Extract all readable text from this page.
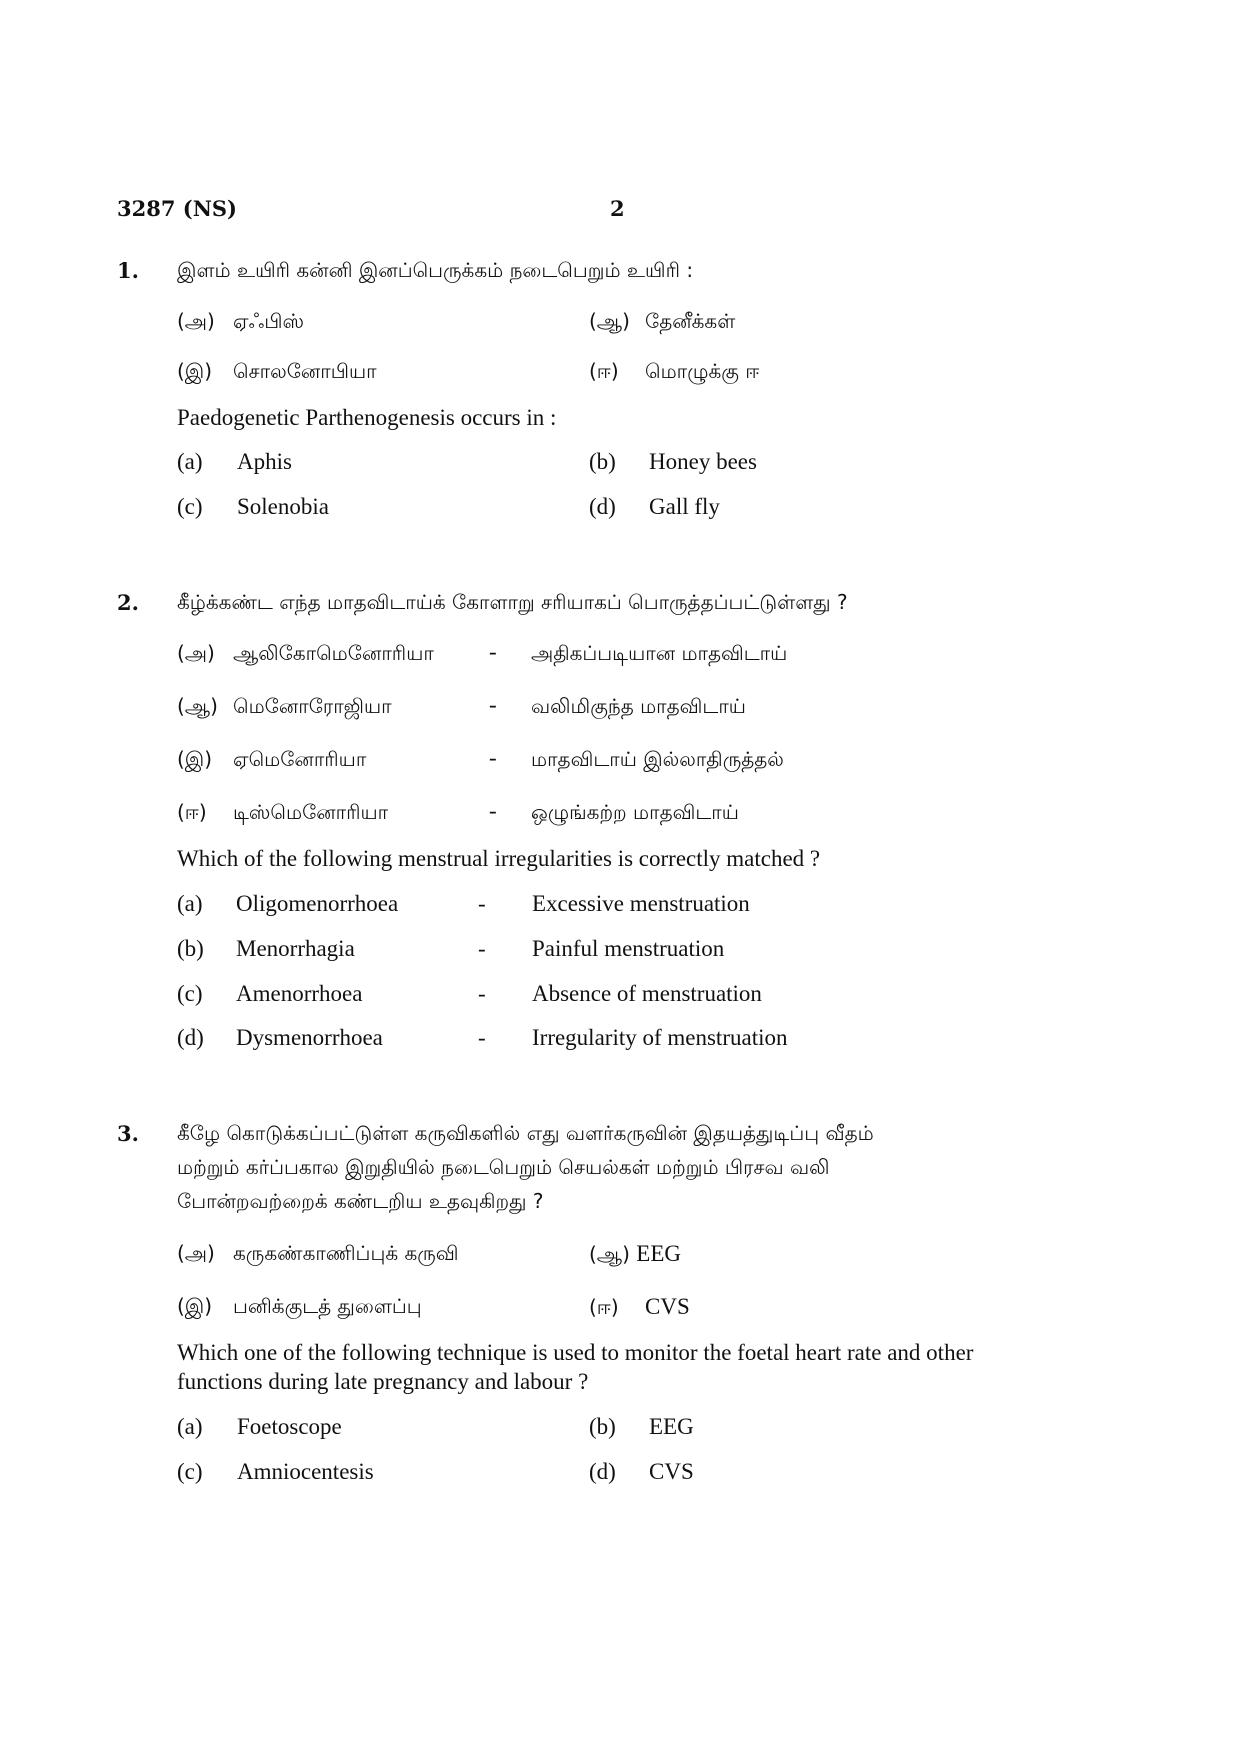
3287 (NS)	2
1. இளம் உயிரி கன்னி இனப்பெருக்கம் நடைபெறும் உயிரி :
(அ) ஏஃபிஸ்	(ஆ) தேனீக்கள்
(இ) சொலனோபியா	(ஈ) மொழுக்கு ஈ
Paedogenetic Parthenogenesis occurs in :
(a) Aphis	(b) Honey bees
(c) Solenobia	(d) Gall fly
2. கீழ்க்கண்ட எந்த மாதவிடாய்க் கோளாறு சரியாகப் பொருத்தப்பட்டுள்ளது ?
(அ) ஆலிகோமெனோரியா - அதிகப்படியான மாதவிடாய்
(ஆ) மெனோரோஜியா	- வலிமிகுந்த மாதவிடாய்
(இ) ஏமெனோரியா	- மாதவிடாய் இல்லாதிருத்தல்
(ஈ) டிஸ்மெனோரியா	- ஒழுங்கற்ற மாதவிடாய்
Which of the following menstrual irregularities is correctly matched ?
(a) Oligomenorrhoea	- Excessive menstruation
(b) Menorrhagia	- Painful menstruation
(c) Amenorrhoea	- Absence of menstruation
(d) Dysmenorrhoea	- Irregularity of menstruation
3. கீழே கொடுக்கப்பட்டுள்ள கருவிகளில் எது வளர்கருவின் இதயத்துடிப்பு வீதம்
மற்றும் கர்ப்பகால இறுதியில் நடைபெறும் செயல்கள் மற்றும் பிரசவ வலி
போன்றவற்றைக் கண்டறிய உதவுகிறது ?
(அ) கருகண்காணிப்புக் கருவி	(ஆ) EEG
(இ) பனிக்குடத் துளைப்பு	(ஈ) CVS
Which one of the following technique is used to monitor the foetal heart rate and other
functions during late pregnancy and labour ?
(a) Foetoscope	(b) EEG
(c) Amniocentesis	(d) CVS
